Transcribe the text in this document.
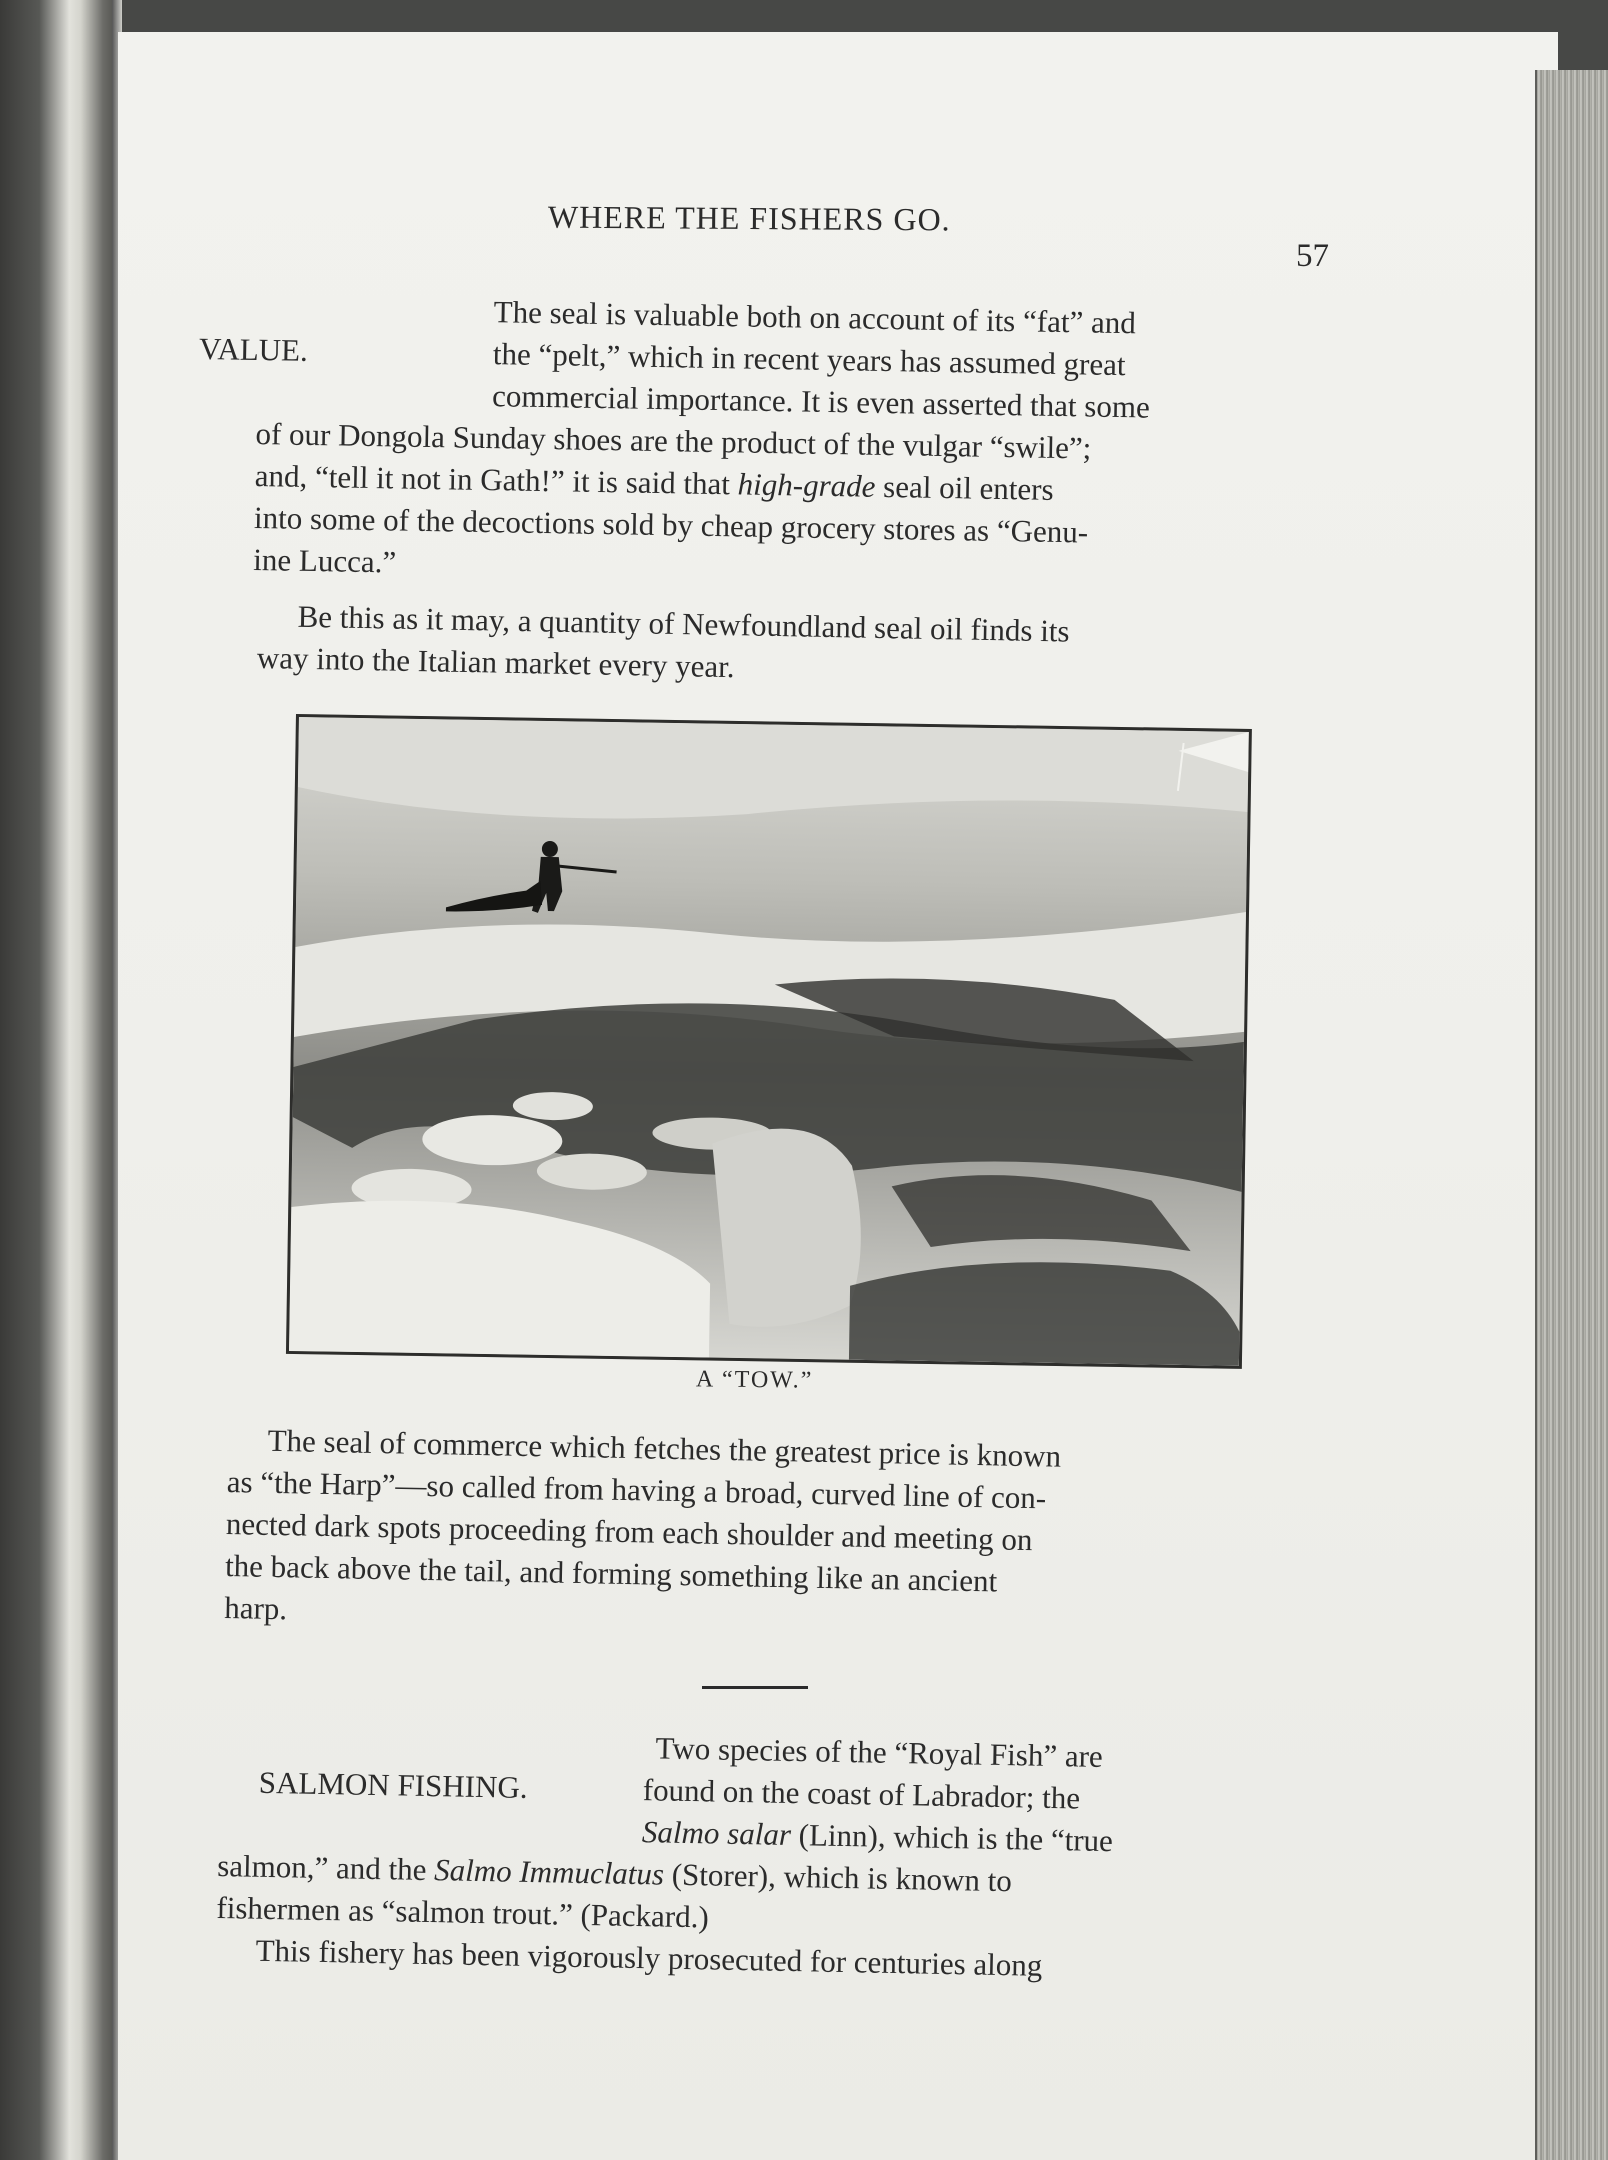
WHERE THE FISHERS GO.
57
The seal is valuable both on account of its “fat” and
VALUE.	the “pelt,” which in recent years has assumed great
commercial importance. It is even asserted that some
of our Dongola Sunday shoes are the product of the vulgar “swile”;
and, “tell it not in Gath!” it is said that high-grade seal oil enters
into some of the decoctions sold by cheap grocery stores as “Genu-
ine Lucca.”
Be this as it may, a quantity of Newfoundland seal oil finds its
way into the Italian market every year.
A “TOW.”
The seal of commerce which fetches the greatest price is known
as “the Harp”—so called from having a broad, curved line of con-
nected dark spots proceeding from each shoulder and meeting on
the back above the tail, and forming something like an ancient
harp.
Two species of the “Royal Fish” are
SALMON FISHING.	found on the coast of Labrador; the
Salmo salar (Linn), which is the “true
salmon,” and the Salmo Immuclatus (Storer), which is known to
fishermen as “salmon trout.” (Packard.)
This fishery has been vigorously prosecuted for centuries along
